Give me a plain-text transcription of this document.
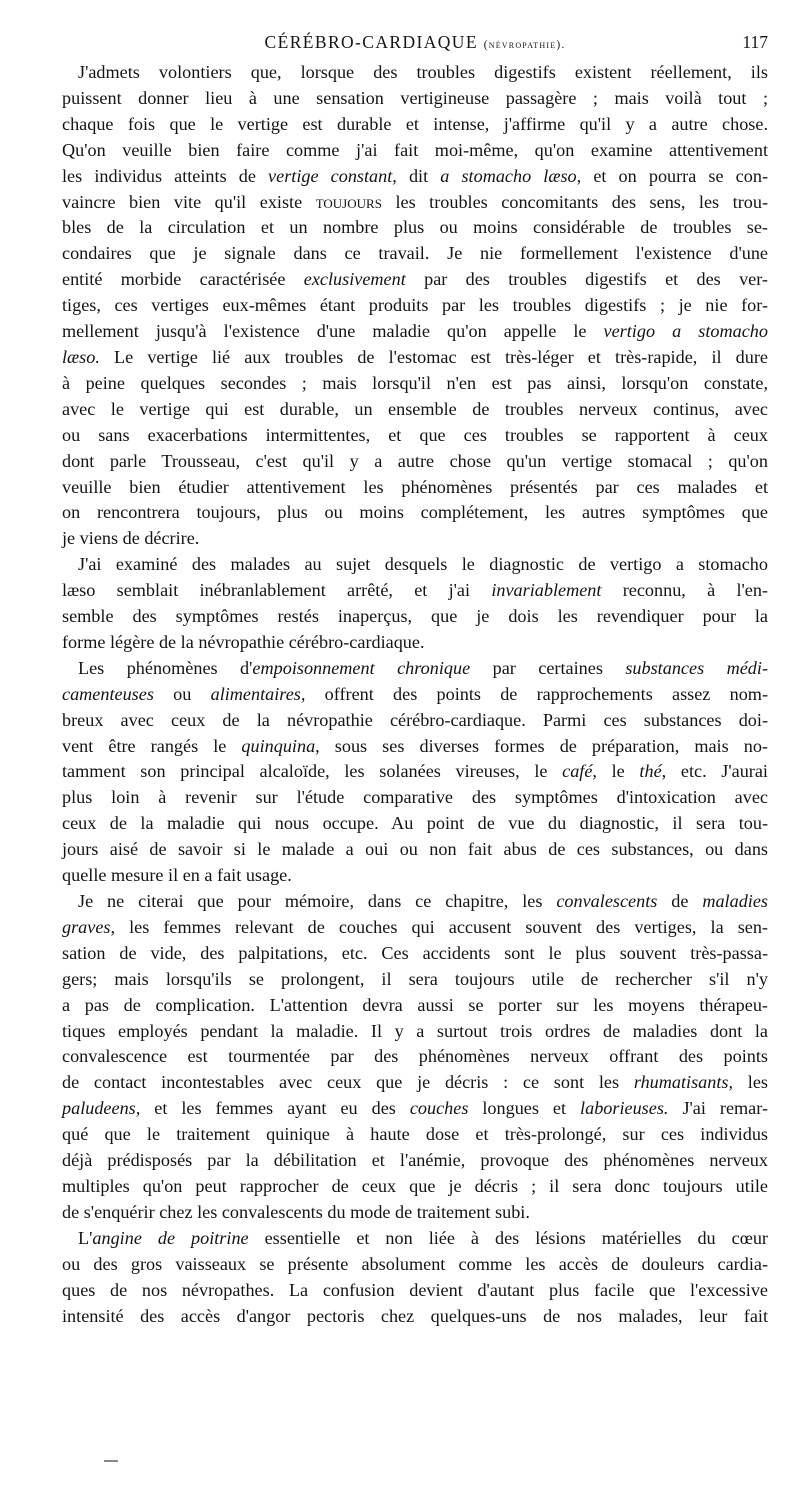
CÉRÉBRO-CARDIAQUE (névropathie).	117
J'admets volontiers que, lorsque des troubles digestifs existent réellement, ils
puissent donner lieu à une sensation vertigineuse passagère ; mais voilà tout ;
chaque fois que le vertige est durable et intense, j'affirme qu'il y a autre chose.
Qu'on veuille bien faire comme j'ai fait moi-même, qu'on examine attentivement
les individus atteints de vertige constant, dit a stomacho læso, et on pourra se con-
vaincre bien vite qu'il existe toujours les troubles concomitants des sens, les trou-
bles de la circulation et un nombre plus ou moins considérable de troubles se-
condaires que je signale dans ce travail. Je nie formellement l'existence d'une
entité morbide caractérisée exclusivement par des troubles digestifs et des ver-
tiges, ces vertiges eux-mêmes étant produits par les troubles digestifs ; je nie for-
mellement jusqu'à l'existence d'une maladie qu'on appelle le vertigo a stomacho
læso. Le vertige lié aux troubles de l'estomac est très-léger et très-rapide, il dure
à peine quelques secondes ; mais lorsqu'il n'en est pas ainsi, lorsqu'on constate,
avec le vertige qui est durable, un ensemble de troubles nerveux continus, avec
ou sans exacerbations intermittentes, et que ces troubles se rapportent à ceux
dont parle Trousseau, c'est qu'il y a autre chose qu'un vertige stomacal ; qu'on
veuille bien étudier attentivement les phénomènes présentés par ces malades et
on rencontrera toujours, plus ou moins complétement, les autres symptômes que
je viens de décrire.
J'ai examiné des malades au sujet desquels le diagnostic de vertigo a stomacho
læso semblait inébranlablement arrêté, et j'ai invariablement reconnu, à l'en-
semble des symptômes restés inaperçus, que je dois les revendiquer pour la
forme légère de la névropathie cérébro-cardiaque.
Les phénomènes d'empoisonnement chronique par certaines substances médi-
camenteuses ou alimentaires, offrent des points de rapprochements assez nom-
breux avec ceux de la névropathie cérébro-cardiaque. Parmi ces substances doi-
vent être rangés le quinquina, sous ses diverses formes de préparation, mais no-
tamment son principal alcaloïde, les solanées vireuses, le café, le thé, etc. J'aurai
plus loin à revenir sur l'étude comparative des symptômes d'intoxication avec
ceux de la maladie qui nous occupe. Au point de vue du diagnostic, il sera tou-
jours aisé de savoir si le malade a oui ou non fait abus de ces substances, ou dans
quelle mesure il en a fait usage.
Je ne citerai que pour mémoire, dans ce chapitre, les convalescents de maladies
graves, les femmes relevant de couches qui accusent souvent des vertiges, la sen-
sation de vide, des palpitations, etc. Ces accidents sont le plus souvent très-passa-
gers; mais lorsqu'ils se prolongent, il sera toujours utile de rechercher s'il n'y
a pas de complication. L'attention devra aussi se porter sur les moyens thérapeu-
tiques employés pendant la maladie. Il y a surtout trois ordres de maladies dont la
convalescence est tourmentée par des phénomènes nerveux offrant des points
de contact incontestables avec ceux que je décris : ce sont les rhumatisants, les
paludeens, et les femmes ayant eu des couches longues et laborieuses. J'ai remar-
qué que le traitement quinique à haute dose et très-prolongé, sur ces individus
déjà prédisposés par la débilitation et l'anémie, provoque des phénomènes nerveux
multiples qu'on peut rapprocher de ceux que je décris ; il sera donc toujours utile
de s'enquérir chez les convalescents du mode de traitement subi.
L'angine de poitrine essentielle et non liée à des lésions matérielles du cœur
ou des gros vaisseaux se présente absolument comme les accès de douleurs cardia-
ques de nos névropathes. La confusion devient d'autant plus facile que l'excessive
intensité des accès d'angor pectoris chez quelques-uns de nos malades, leur fait
